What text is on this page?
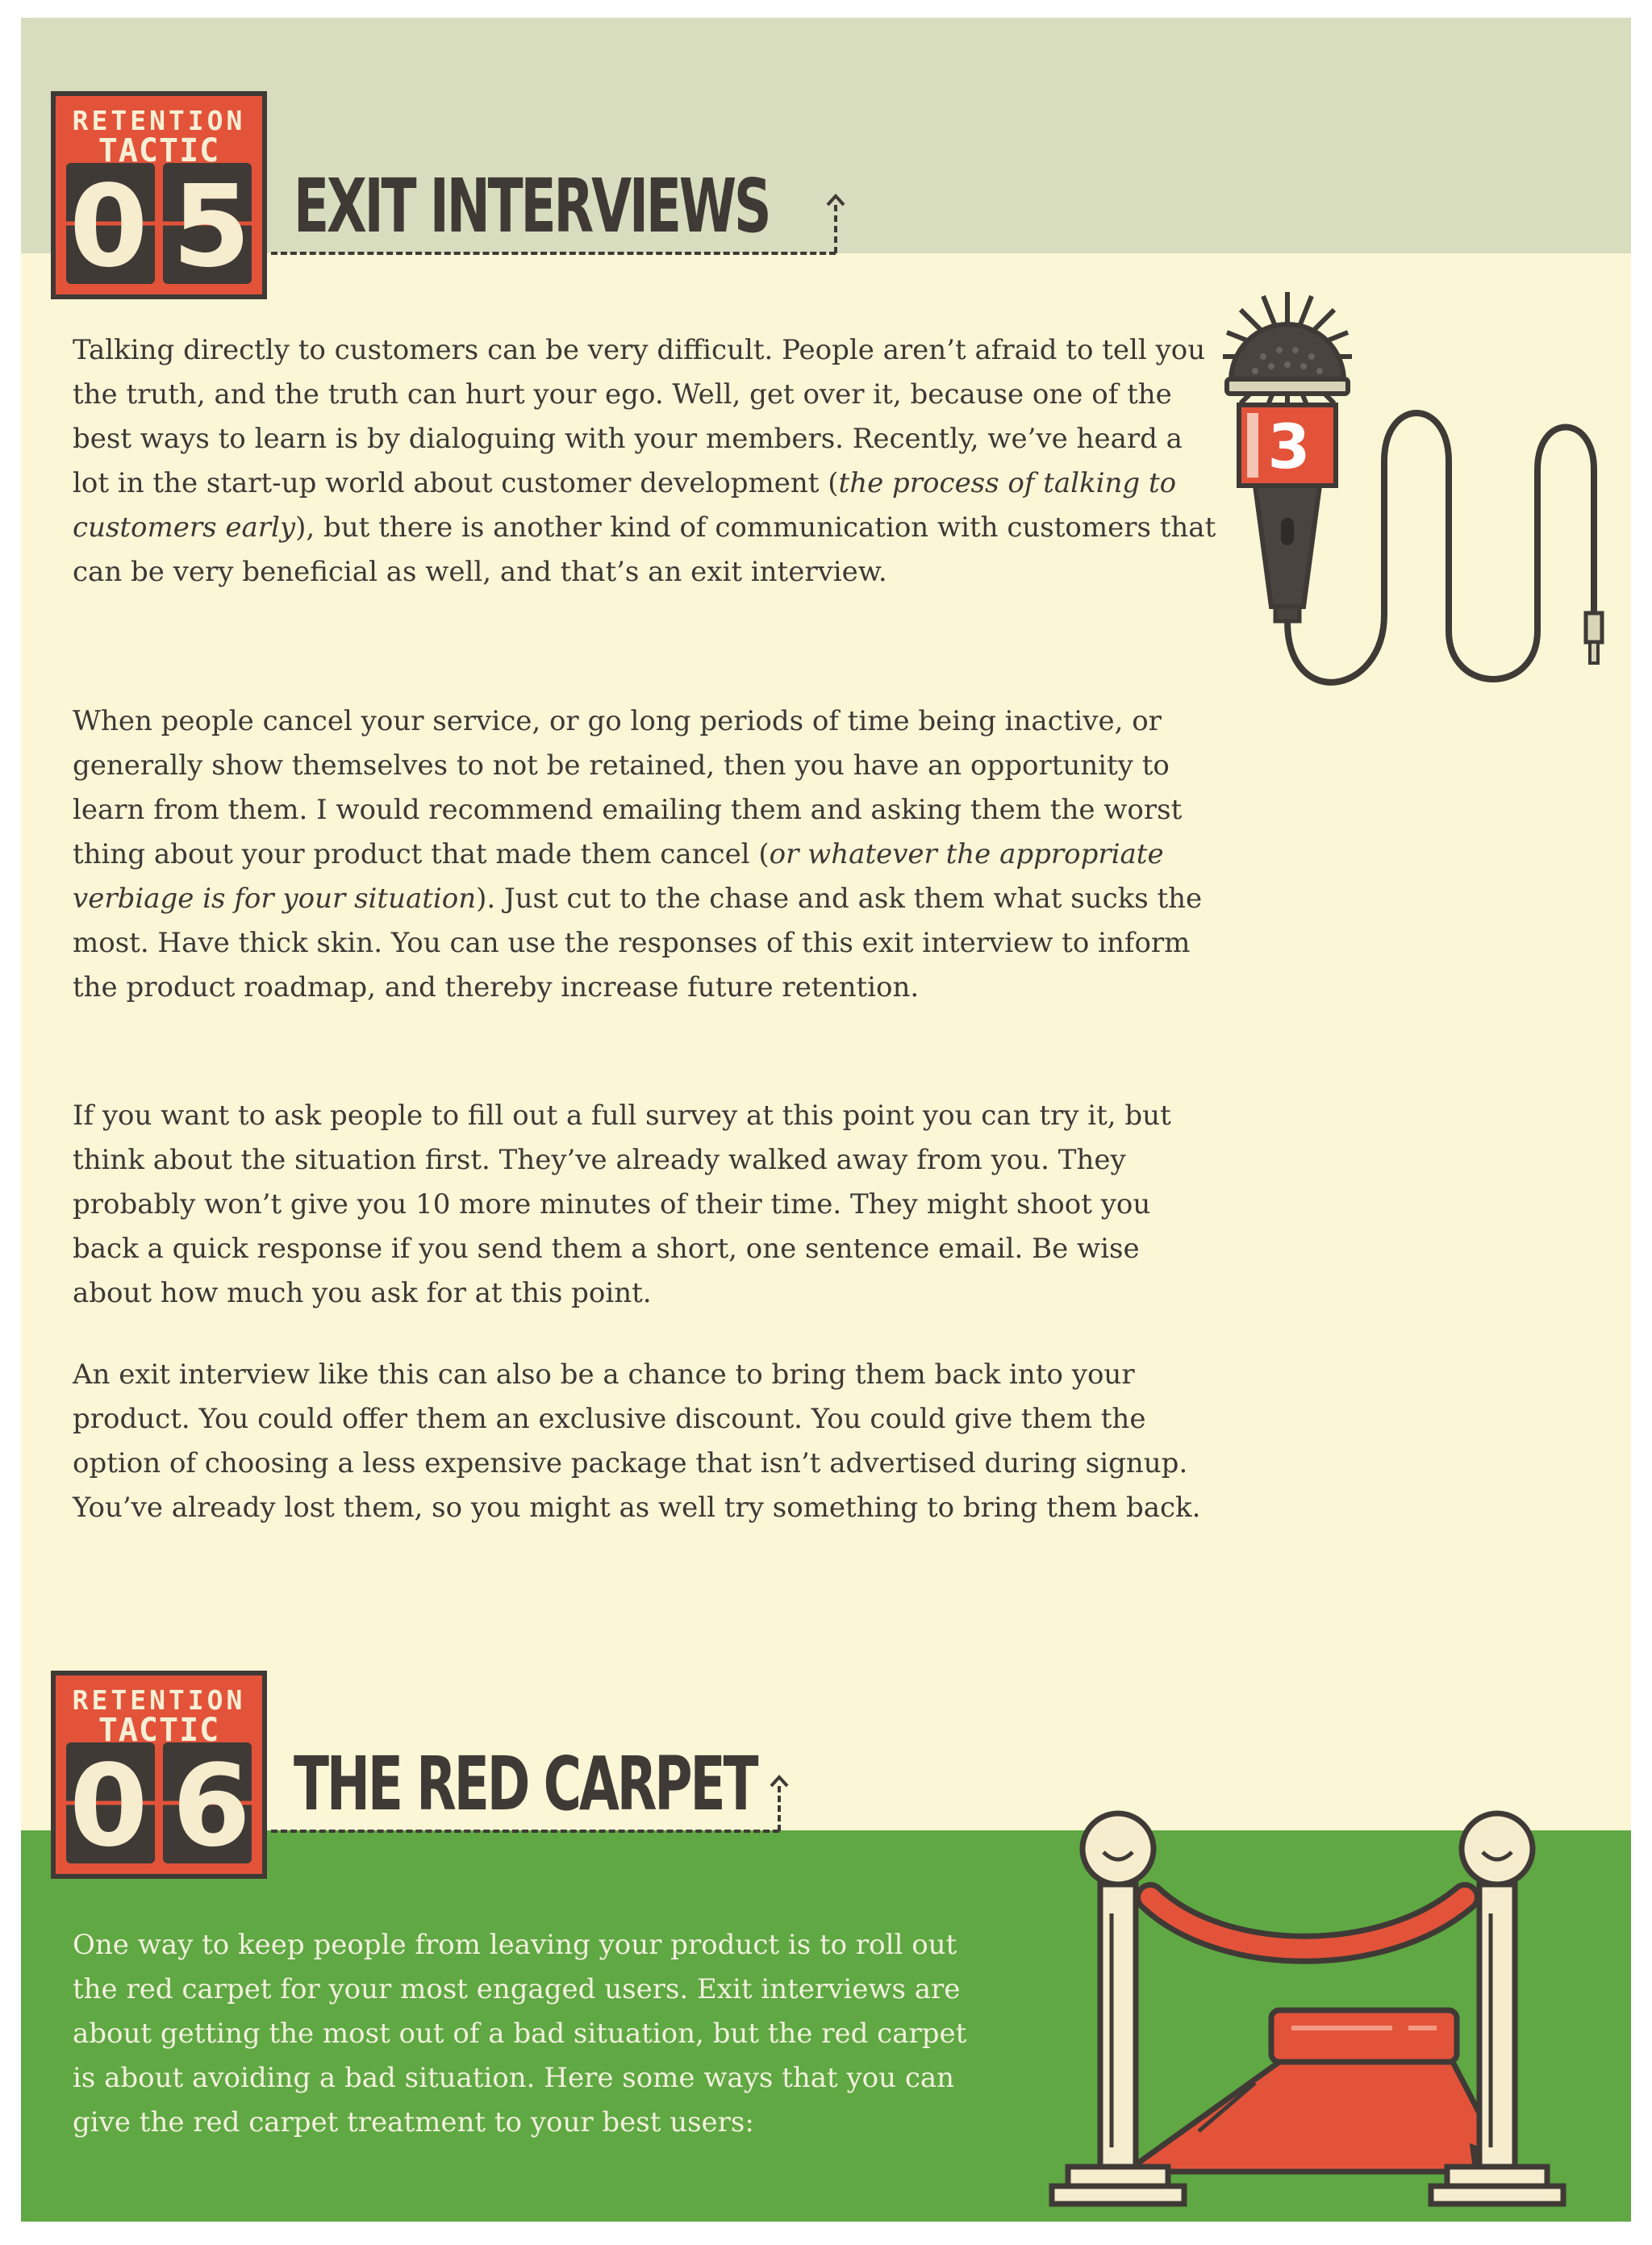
RETENTION
TACTIC
05 EXIT INTERVIEWS
3

Talking directly to customers can be very difficult. People aren’t afraid to tell you the truth, and the truth can hurt your ego. Well, get over it, because one of the best ways to learn is by dialoguing with your members. Recently, we’ve heard a lot in the start-up world about customer development (the process of talking to customers early), but there is another kind of communication with customers that can be very beneficial as well, and that’s an exit interview.

When people cancel your service, or go long periods of time being inactive, or generally show themselves to not be retained, then you have an opportunity to learn from them. I would recommend emailing them and asking them the worst thing about your product that made them cancel (or whatever the appropriate verbiage is for your situation). Just cut to the chase and ask them what sucks the most. Have thick skin. You can use the responses of this exit interview to inform the product roadmap, and thereby increase future retention.

If you want to ask people to fill out a full survey at this point you can try it, but think about the situation first. They’ve already walked away from you. They probably won’t give you 10 more minutes of their time. They might shoot you back a quick response if you send them a short, one sentence email. Be wise about how much you ask for at this point.

An exit interview like this can also be a chance to bring them back into your product. You could offer them an exclusive discount. You could give them the option of choosing a less expensive package that isn’t advertised during signup. You’ve already lost them, so you might as well try something to bring them back.

RETENTION
TACTIC
06 THE RED CARPET

One way to keep people from leaving your product is to roll out the red carpet for your most engaged users. Exit interviews are about getting the most out of a bad situation, but the red carpet is about avoiding a bad situation. Here some ways that you can give the red carpet treatment to your best users:
